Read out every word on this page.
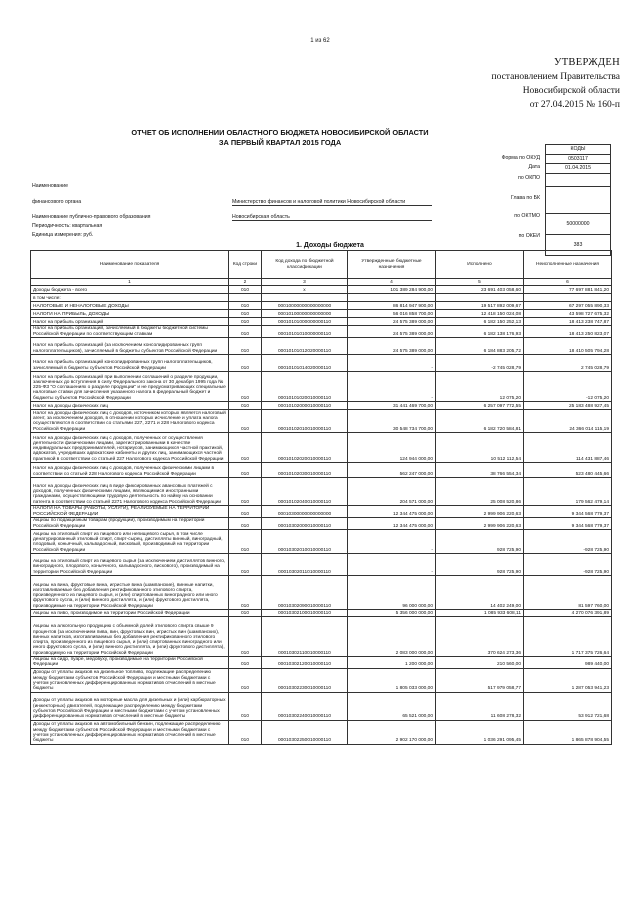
1 из 62
УТВЕРЖДЕН
постановлением Правительства
Новосибирской области
от 27.04.2015 № 160-п
ОТЧЕТ ОБ ИСПОЛНЕНИИ ОБЛАСТНОГО БЮДЖЕТА НОВОСИБИРСКОЙ ОБЛАСТИ
ЗА ПЕРВЫЙ КВАРТАЛ 2015 ГОДА
КОДЫ
0503117
01.04.2015

50000000
383
Форма по ОКУД
Дата
по ОКПО
Глава по БК
по ОКТМО
по ОКЕИ
Наименование
финансового органа	Министерство финансов и налоговой политики Новосибирской области
Наименование публично-правового образования	Новосибирская область
Периодичность: квартальная
Единица измерения: руб.
1. Доходы бюджета
Наименование показателя	Код строки	Код дохода по бюджетной классификации	Утвержденные бюджетные назначения	Исполнено	Неисполненные назначения
1	2	3	4	5	6
Доходы бюджета - всего	010	x	101 389 284 900,00	23 691 403 058,60	77 697 881 841,20
в том числе:					
НАЛОГОВЫЕ И НЕНАЛОГОВЫЕ ДОХОДЫ	010	00010000000000000000	86 814 947 900,00	19 517 892 009,67	67 297 055 890,33
НАЛОГИ НА ПРИБЫЛЬ, ДОХОДЫ	010	00010100000000000000	56 016 858 700,00	12 418 150 024,08	43 598 727 675,32
Налог на прибыль организаций	010	00010101000000000110	24 575 389 000,00	6 182 150 252,13	18 413 238 747,87
Налог на прибыль организаций, зачисляемый в бюджеты бюджетной системы Российской Федерации по соответствующим ставкам	010	00010101010000000110	24 575 389 000,00	6 182 138 176,93	18 413 250 823,07
Налог на прибыль организаций (за исключением консолидированных групп налогоплательщиков), зачисляемый в бюджеты субъектов Российской Федерации	010	00010101012020000110	24 575 389 000,00	6 184 883 205,72	18 410 505 794,28
Налог на прибыль организаций консолидированных групп налогоплательщиков, зачисляемый в бюджеты субъектов Российской Федерации	010	00010101014020000110	-	-2 745 028,79	2 745 028,79
Налог на прибыль организаций при выполнении соглашений о разделе продукции, заключенных до вступления в силу Федерального закона от 30 декабря 1995 года № 225-ФЗ "О соглашениях о разделе продукции" и не предусматривающих специальные налоговые ставки для зачисления указанного налога в федеральный бюджет и бюджеты субъектов Российской Федерации	010	00010101020010000110	-	12 075,20	-12 075,20
Налог на доходы физических лиц	010	00010102000010000110	31 441 469 700,00	6 257 097 772,55	25 183 488 927,45
Налог на доходы физических лиц с доходов, источником которых является налоговый агент, за исключением доходов, в отношении которых исчисление и уплата налога осуществляются в соответствии со статьями 227, 2271 и 228 Налогового кодекса Российской Федерации	010	00010102010010000110	30 548 734 700,00	6 182 720 584,81	24 366 014 115,19
Налог на доходы физических лиц с доходов, полученных от осуществления деятельности физическими лицами, зарегистрированными в качестве индивидуальных предпринимателей, нотариусов, занимающихся частной практикой, адвокатов, учредивших адвокатские кабинеты и других лиц, занимающихся частной практикой в соответствии со статьей 227 Налогового кодекса Российской Федерации	010	00010102020010000110	124 944 000,00	10 512 112,54	114 431 887,46
Налог на доходы физических лиц с доходов, полученных физическими лицами в соответствии со статьей 228 Налогового кодекса Российской Федерации	010	00010102030010000110	562 247 000,00	38 766 554,34	523 480 445,66
Налог на доходы физических лиц в виде фиксированных авансовых платежей с доходов, полученных физическими лицами, являющимися иностранными гражданами, осуществляющими трудовую деятельность по найму на основании патента в соответствии со статьей 2271 Налогового кодекса Российской Федерации	010	00010102040010000110	204 571 000,00	25 008 520,86	179 562 479,14
НАЛОГИ НА ТОВАРЫ (РАБОТЫ, УСЛУГИ), РЕАЛИЗУЕМЫЕ НА ТЕРРИТОРИИ РОССИЙСКОЙ ФЕДЕРАЦИИ	010	00010300000000000000	12 344 475 000,00	2 999 906 220,63	9 344 568 779,37
Акцизы по подакцизным товарам (продукции), производимым на территории Российской Федерации	010	00010302000010000110	12 344 475 000,00	2 999 906 220,63	9 344 568 779,37
Акцизы на этиловый спирт из пищевого или непищевого сырья, в том числе денатурированный этиловый спирт, спирт-сырец, дистилляты винный, виноградный, плодовый, коньячный, кальвадосный, висковый, производимый на территории Российской Федерации	010	00010302010010000110	-	928 725,90	-928 725,90
Акцизы на этиловый спирт из пищевого сырья (за исключением дистиллятов винного, виноградного, плодового, коньячного, кальвадосного, вискового), производимый на территории Российской Федерации	010	00010302011010000110	-	928 725,90	-928 725,90
Акцизы на вина, фруктовые вина, игристые вина (шампанские), винные напитки, изготавливаемые без добавления ректификованного этилового спирта, произведенного из пищевого сырья, и (или) спиртованных виноградного или иного фруктового сусла, и (или) винного дистиллята, и (или) фруктового дистиллята, производимые на территории Российской Федерации	010	00010302090010000110	96 000 000,00	14 402 249,00	81 597 760,00
Акцизы на пиво, производимое на территории Российской Федерации	010	00010302100010000110	5 356 000 000,00	1 085 933 608,11	4 270 076 391,89
Акцизы на алкогольную продукцию с объемной долей этилового спирта свыше 9 процентов (за исключением пива, вин, фруктовых вин, игристых вин (шампанских), винных напитков, изготавливаемых без добавления ректификованного этилового спирта, произведенного из пищевого сырья, и (или) спиртованных виноградного или иного фруктового сусла, и (или) винного дистиллята, и (или) фруктового дистиллята), производимую на территории Российской Федерации	010	00010302110010000110	2 083 000 000,00	370 624 273,36	1 717 375 726,64
Акцизы на сидр, пуаре, медовуху, производимые на территории Российской Федерации	010	00010302120010000110	1 200 000,00	210 560,00	989 440,00
Доходы от уплаты акцизов на дизельное топливо, подлежащие распределению между бюджетами субъектов Российской Федерации и местными бюджетами с учетом установленных дифференцированных нормативов отчислений в местные бюджеты	010	00010302230010000110	1 805 033 000,00	517 979 058,77	1 287 053 941,23
Доходы от уплаты акцизов на моторные масла для дизельных и (или) карбюраторных (инжекторных) двигателей, подлежащие распределению между бюджетами субъектов Российской Федерации и местными бюджетами с учетом установленных дифференцированных нормативов отчислений в местные бюджеты	010	00010302240010000110	65 521 000,00	11 608 278,32	53 912 721,68
Доходы от уплаты акцизов на автомобильный бензин, подлежащие распределению между бюджетами субъектов Российской Федерации и местными бюджетами с учетом установленных дифференцированных нормативов отчислений в местные бюджеты	010	00010302250010000110	2 902 170 000,00	1 036 291 095,45	1 865 878 904,55
